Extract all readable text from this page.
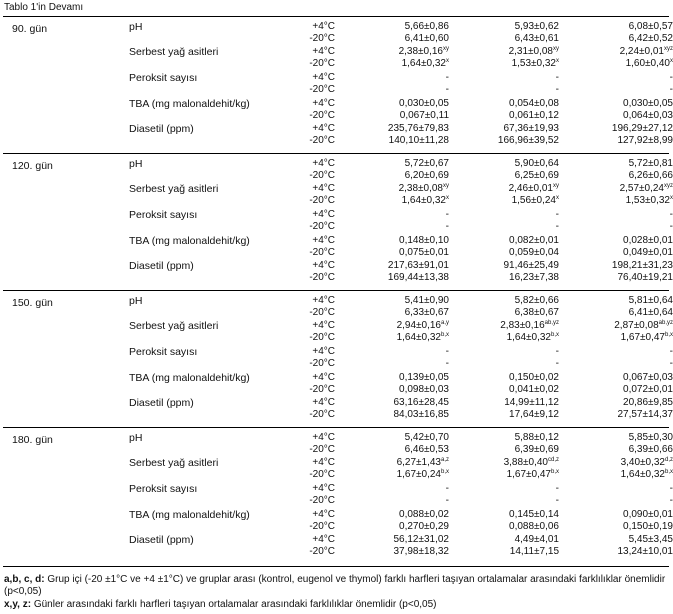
Tablo 1'in Devamı
90. gün	pH	+4°C	5,66±0,86	5,93±0,62	6,08±0,57
-20°C	6,41±0,60	6,43±0,61	6,42±0,52
Serbest yağ asitleri	+4°C	$2,38\pm 0,16^{xy}$	$2,31\pm 0,08^{xy}$	$2,24\pm 0,01^{xyz}$
-20°C	$1,64\pm 0,32^x$	$1,53\pm 0,32^x$	$1,60\pm 0,40^x$
Peroksit sayısı	+4°C	-	-	-
-20°C	-	-	-
TBA (mg malonaldehit/kg)	+4°C	0,030±0,05	0,054±0,08	0,030±0,05
-20°C	0,067±0,11	0,061±0,12	0,064±0,03
Diasetil (ppm)	+4°C	235,76±79,83	67,36±19,93	196,29±27,12
-20°C	140,10±11,28	166,96±39,52	127,92±8,99
120. gün	pH	+4°C	5,72±0,67	5,90±0,64	5,72±0,81
-20°C	6,20±0,69	6,25±0,69	6,26±0,66
Serbest yağ asitleri	+4°C	$2,38\pm 0,08^{xy}$	$2,46\pm 0,01^{xy}$	$2,57\pm 0,24^{xyz}$
-20°C	$1,64\pm 0,32^x$	$1,56\pm 0,24^x$	$1,53\pm 0,32^x$
Peroksit sayısı	+4°C	-	-	-
-20°C	-	-	-
TBA (mg malonaldehit/kg)	+4°C	0,148±0,10	0,082±0,01	0,028±0,01
-20°C	0,075±0,01	0,059±0,04	0,049±0,01
Diasetil (ppm)	+4°C	217,63±91,01	91,46±25,49	198,21±31,23
-20°C	169,44±13,38	16,23±7,38	76,40±19,21
150. gün	pH	+4°C	5,41±0,90	5,82±0,66	5,81±0,64
-20°C	6,33±0,67	6,38±0,67	6,41±0,64
Serbest yağ asitleri	+4°C	$2,94\pm 0,16^{a,y}$	$2,83\pm 0,16^{ab,yz}$	$2,87\pm 0,08^{ab,yz}$
-20°C	$1,64\pm 0,32^{b,x}$	$1,64\pm 0,32^{b,x}$	$1,67\pm 0,47^{b,x}$
Peroksit sayısı	+4°C	-	-	-
-20°C	-	-	-
TBA (mg malonaldehit/kg)	+4°C	0,139±0,05	0,150±0,02	0,067±0,03
-20°C	0,098±0,03	0,041±0,02	0,072±0,01
Diasetil (ppm)	+4°C	63,16±28,45	14,99±11,12	20,86±9,85
-20°C	84,03±16,85	17,64±9,12	27,57±14,37
180. gün	pH	+4°C	5,42±0,70	5,88±0,12	5,85±0,30
-20°C	6,46±0,53	6,39±0,69	6,39±0,66
Serbest yağ asitleri	+4°C	$6,27\pm 1,43^{a,z}$	$3,88\pm 0,40^{cd,z}$	$3,40\pm 0,32^{d,z}$
-20°C	$1,67\pm 0,24^{b,x}$	$1,67\pm 0,47^{b,x}$	$1,64\pm 0,32^{b,x}$
Peroksit sayısı	+4°C	-	-	-
-20°C	-	-	-
TBA (mg malonaldehit/kg)	+4°C	0,088±0,02	0,145±0,14	0,090±0,01
-20°C	0,270±0,29	0,088±0,06	0,150±0,19
Diasetil (ppm)	+4°C	56,12±31,02	4,49±4,01	5,45±3,45
-20°C	37,98±18,32	14,11±7,15	13,24±10,01
a,b, c, d: Grup içi (-20 ±1°C ve +4 ±1°C) ve gruplar arası (kontrol, eugenol ve thymol) farklı harfleri taşıyan ortalamalar arasındaki farklılıklar önemlidir (p<0,05)
x,y, z: Günler arasındaki farklı harfleri taşıyan ortalamalar arasındaki farklılıklar önemlidir (p<0,05)
